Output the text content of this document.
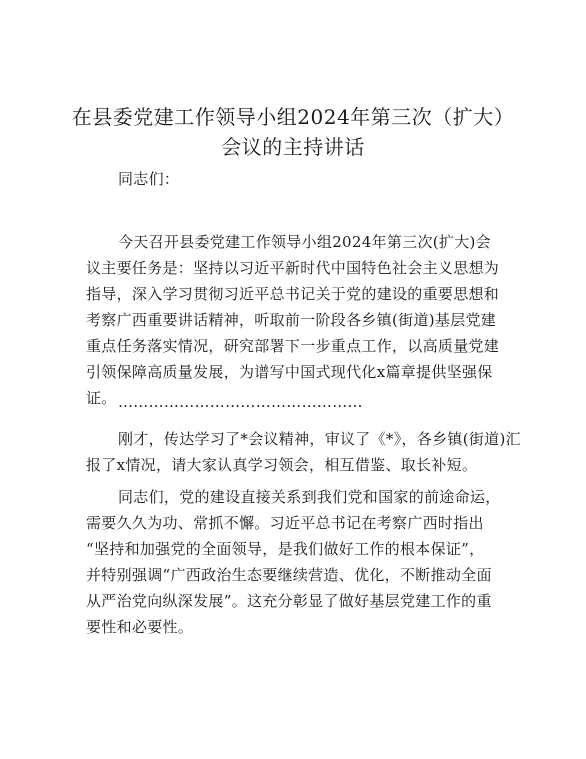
在县委党建工作领导小组2024年第三次（扩大）
会议的主持讲话

同志们：

今天召开县委党建工作领导小组2024年第三次(扩大)会
议主要任务是：坚持以习近平新时代中国特色社会主义思想为
指导，深入学习贯彻习近平总书记关于党的建设的重要思想和
考察广西重要讲话精神，听取前一阶段各乡镇(街道)基层党建
重点任务落实情况，研究部署下一步重点工作，以高质量党建
引领保障高质量发展，为谱写中国式现代化x篇章提供坚强保
证。 …………………………………………

刚才，传达学习了*会议精神，审议了《*》，各乡镇(街道)汇
报了x情况，请大家认真学习领会，相互借鉴、取长补短。

同志们，党的建设直接关系到我们党和国家的前途命运，
需要久久为功、常抓不懈。习近平总书记在考察广西时指出
“坚持和加强党的全面领导，是我们做好工作的根本保证”，
并特别强调“广西政治生态要继续营造、优化，不断推动全面
从严治党向纵深发展”。这充分彰显了做好基层党建工作的重
要性和必要性。
